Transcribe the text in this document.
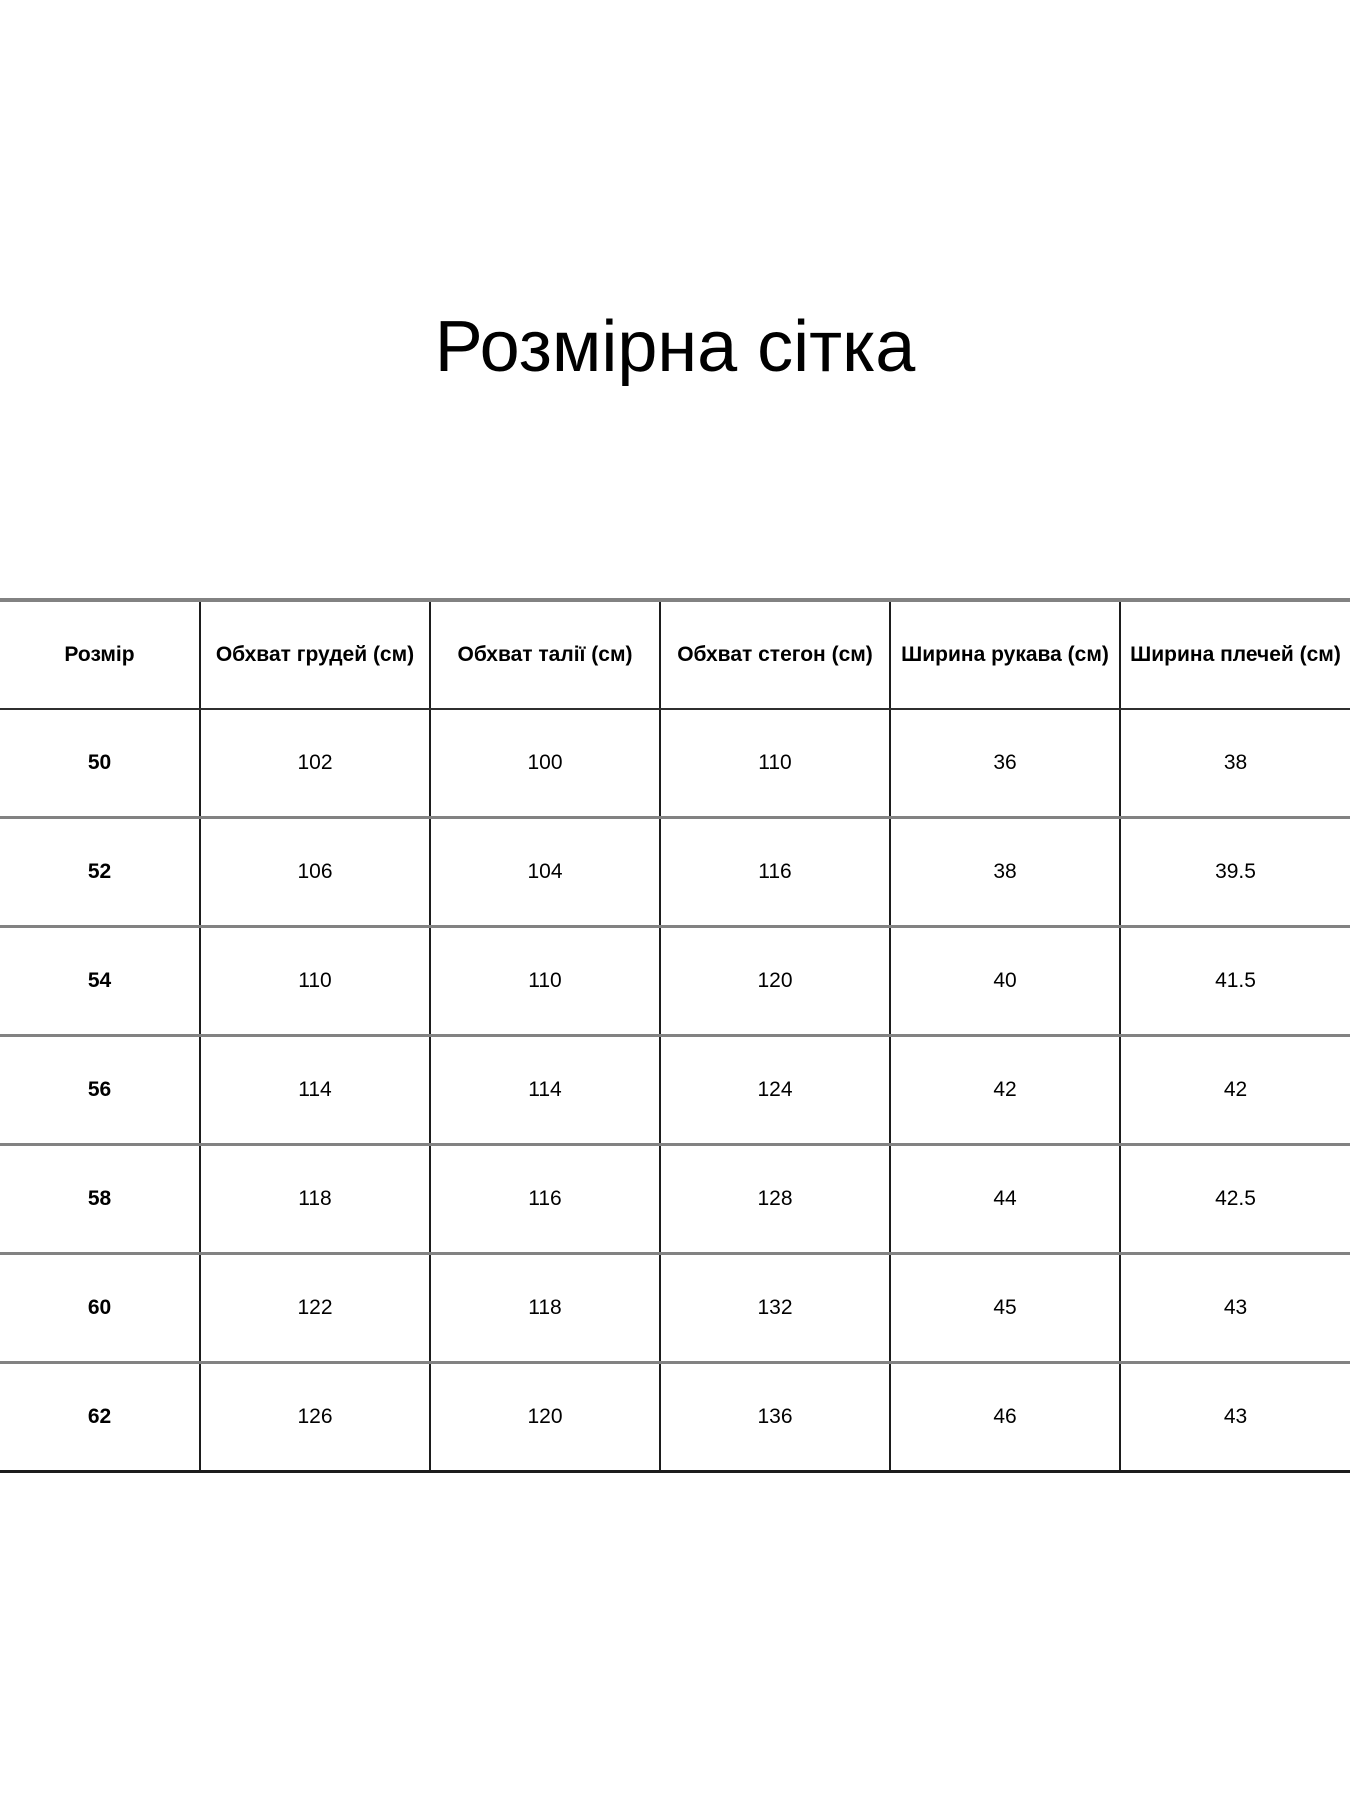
Розмірна сітка
Розмір	Обхват грудей (см)	Обхват талії (см)	Обхват стегон (см)	Ширина рукава (см)	Ширина плечей (см)
50	102	100	110	36	38
52	106	104	116	38	39.5
54	110	110	120	40	41.5
56	114	114	124	42	42
58	118	116	128	44	42.5
60	122	118	132	45	43
62	126	120	136	46	43
